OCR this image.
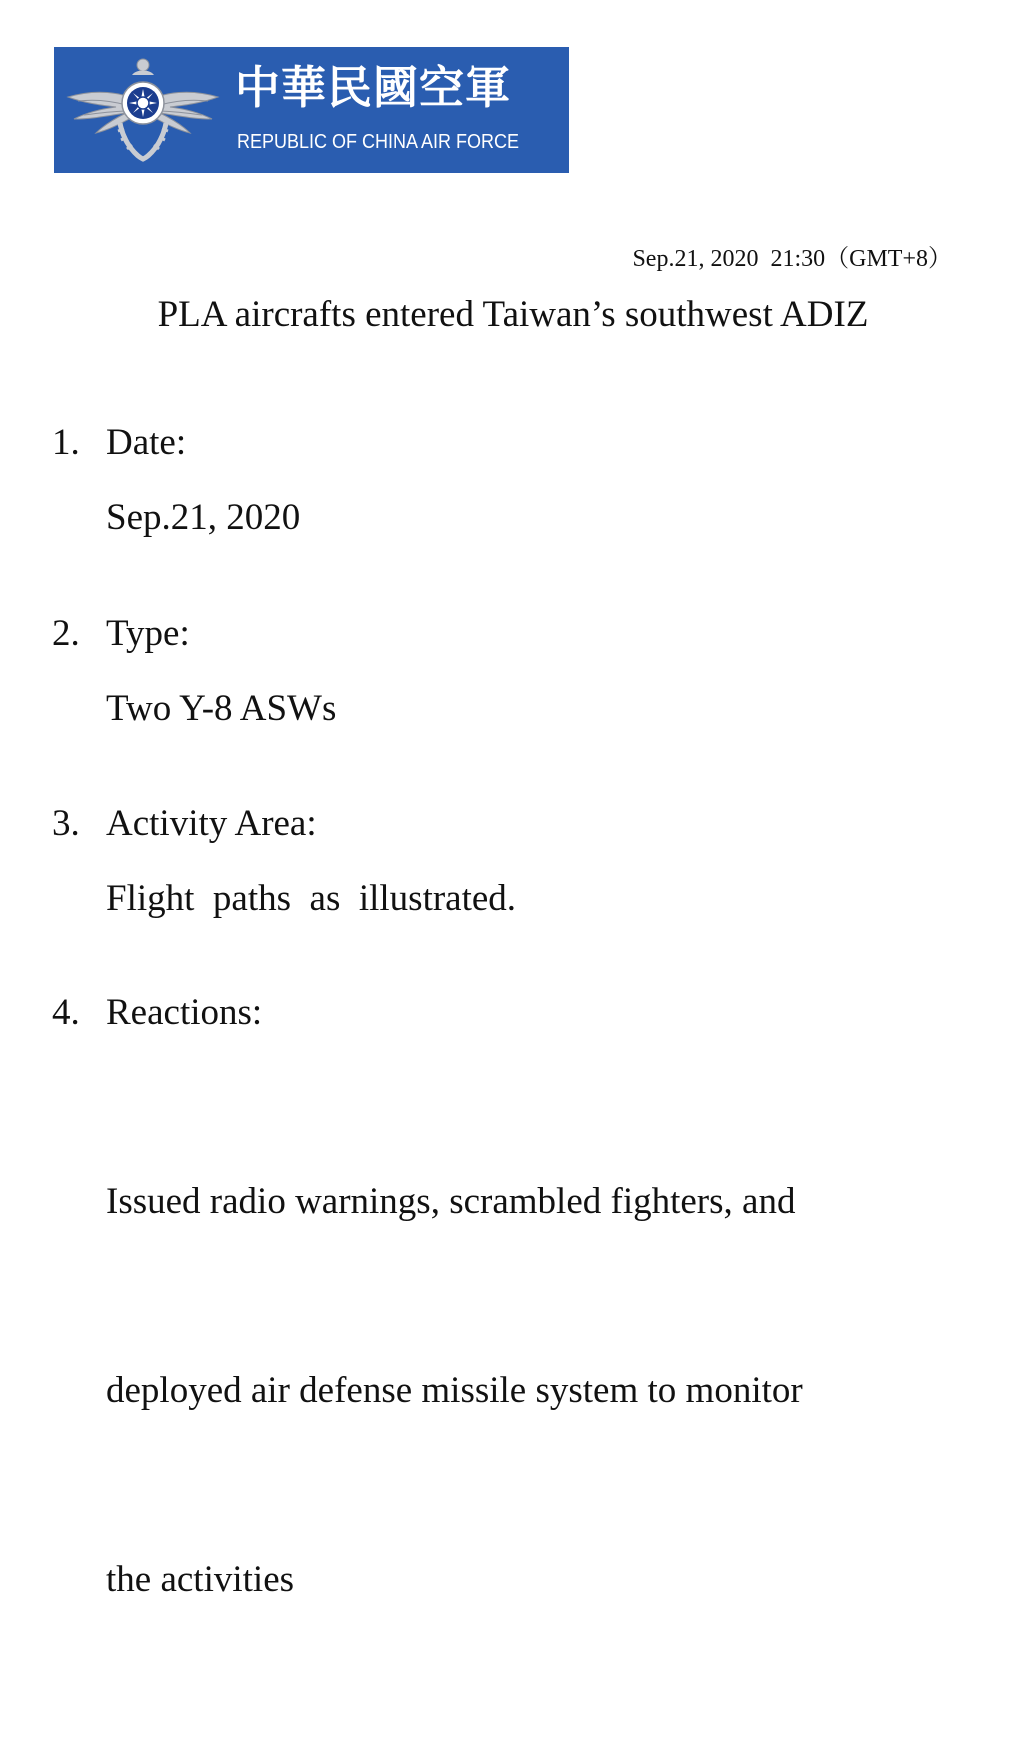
中華民國空軍
REPUBLIC OF CHINA AIR FORCE
Sep.21, 2020  21:30（GMT+8）
PLA aircrafts entered Taiwan’s southwest ADIZ
1. Date:
Sep.21, 2020
2. Type:
Two Y-8 ASWs
3. Activity Area:
Flight  paths  as  illustrated.
4. Reactions:

Issued radio warnings, scrambled fighters, and

deployed air defense missile system to monitor

the activities
